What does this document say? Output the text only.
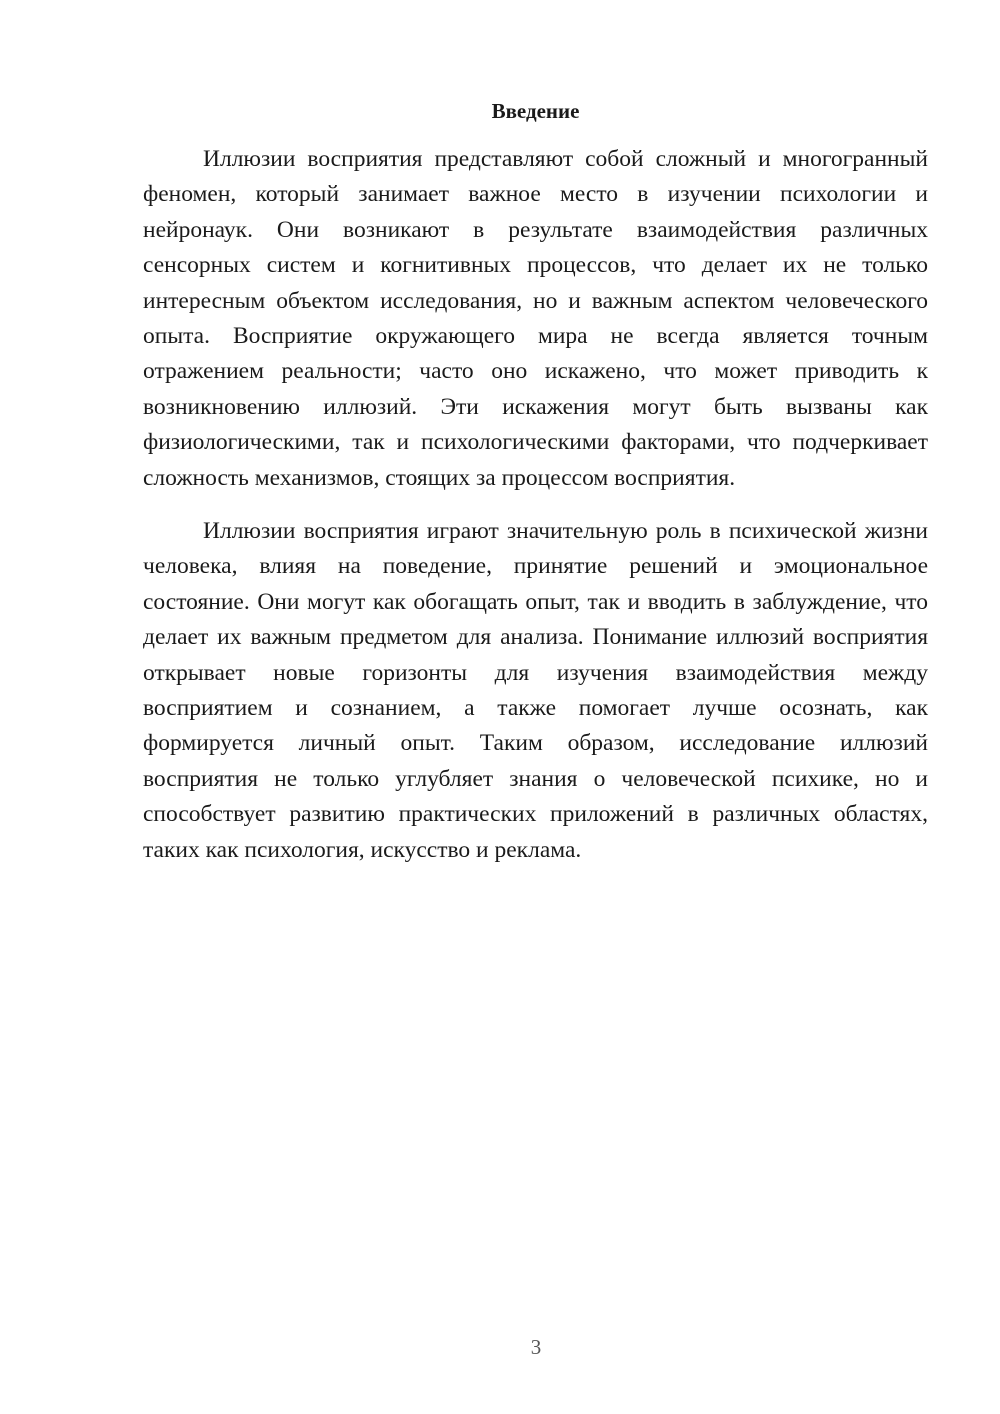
Введение

Иллюзии восприятия представляют собой сложный и многогранный феномен, который занимает важное место в изучении психологии и нейронаук. Они возникают в результате взаимодействия различных сенсорных систем и когнитивных процессов, что делает их не только интересным объектом исследования, но и важным аспектом человеческого опыта. Восприятие окружающего мира не всегда является точным отражением реальности; часто оно искажено, что может приводить к возникновению иллюзий. Эти искажения могут быть вызваны как физиологическими, так и психологическими факторами, что подчеркивает сложность механизмов, стоящих за процессом восприятия.

Иллюзии восприятия играют значительную роль в психической жизни человека, влияя на поведение, принятие решений и эмоциональное состояние. Они могут как обогащать опыт, так и вводить в заблуждение, что делает их важным предметом для анализа. Понимание иллюзий восприятия открывает новые горизонты для изучения взаимодействия между восприятием и сознанием, а также помогает лучше осознать, как формируется личный опыт. Таким образом, исследование иллюзий восприятия не только углубляет знания о человеческой психике, но и способствует развитию практических приложений в различных областях, таких как психология, искусство и реклама.

3
